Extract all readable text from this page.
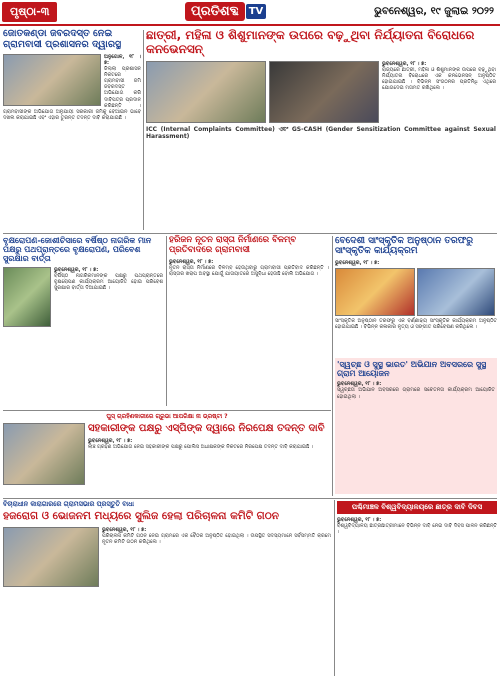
ପୃଷ୍ଠା-୩	ପ୍ରତିଶବ୍ଦ	TV	ଭୁବନେଶ୍ୱର, ୧୯ ଜୁଲାଇ ୨୦୨୨
ଜୋତକଣ୍ଡା ଜବରଦସ୍ତ ନେଇ ଗ୍ରାମବାସୀ ପ୍ରଶାସନର ଦ୍ୱାରସ୍ଥ
ଅନୁଗୋଳ, ୧୮ । ୭:
ଜିଲ୍ଲା ପ୍ରଶାସନ ନିକଟରେ ଗ୍ରାମବାସୀ ଜମି ଜବରଦସ୍ତ ଅଭିଯୋଗ କରି ଦାବିପତ୍ର ପ୍ରଦାନ କରିଛନ୍ତି । ଗ୍ରାମବାସୀଙ୍କ ଅଭିଯୋଗ ଅନୁଯାୟୀ ସରକାରୀ ଜମିକୁ ବେଆଇନ ଭାବେ ଦଖଲ କରାଯାଇଛି ଏବଂ ଏହାର ତୁରନ୍ତ ତଦନ୍ତ ଦାବି କରାଯାଇଛି ।
ଛାତ୍ରୀ, ମହିଳା ଓ ଶିଶୁମାନଙ୍କ ଉପରେ ବଢ଼ୁଥିବା ନିର୍ଯ୍ୟାତନା ବିରୋଧରେ କନଭେନସନ୍
ଭୁବନେଶ୍ୱର, ୧୮ । ୭:
ରାଜ୍ୟରେ ଛାତ୍ରୀ, ମହିଳା ଓ ଶିଶୁମାନଙ୍କ ଉପରେ ବଢ଼ୁଥିବା ନିର୍ଯ୍ୟାତନା ବିରୋଧରେ ଏକ କନଭେନସନ୍ ଅନୁଷ୍ଠିତ ହୋଇଯାଇଛି । ବିଭିନ୍ନ ସଂଗଠନର ପ୍ରତିନିଧି ଏଥିରେ ଯୋଗଦେଇ ମତାମତ ରଖିଥିଲେ ।
ICC (Internal Complaints Committee) ଏବଂ GS-CASH (Gender Sensitization Committee against Sexual Harassment)
ବୃକ୍ଷରୋପଣ-ଜୋଶୀଚିସାରେ ବର୍ଷିଷ୍ଠ ନାଗରିକ ମାନ ପକ୍ଷରୁ ପଥପ୍ରାନ୍ତରେ ବୃକ୍ଷରୋପଣ, ପରିବେଶ ସୁରକ୍ଷାର ବାର୍ତ୍ତା
ଭୁବନେଶ୍ୱର, ୧୮ । ୭:
ବର୍ଷିଷ୍ଠ ନାଗରିକମାନଙ୍କ ପକ୍ଷରୁ ପଥପ୍ରାନ୍ତରେ ବୃକ୍ଷରୋପଣ କାର୍ଯ୍ୟକ୍ରମ ଆୟୋଜିତ ହୋଇ ପରିବେଶ ସୁରକ୍ଷାର ବାର୍ତ୍ତା ଦିଆଯାଇଛି ।
ହରିଜନ ନୂତନ ରାସ୍ତା ନିର୍ମାଣରେ ବିଳମ୍ବ ପ୍ରତିବାଦରେ ଗ୍ରାମବାସୀ
ଭୁବନେଶ୍ୱର, ୧୮ । ୭:
ନୂତନ ରାସ୍ତା ନିର୍ମାଣରେ ବିଳମ୍ବ ହେଉଥିବାରୁ ଗ୍ରାମବାସୀ ପ୍ରତିବାଦ କରିଛନ୍ତି । ରାସ୍ତାର ଖରାପ ଅବସ୍ଥା ଯୋଗୁଁ ଯାତାୟାତରେ ଅସୁବିଧା ହେଉଛି ବୋଲି ଅଭିଯୋଗ ।
ବେଦେଶୀ ସାଂସ୍କୃତିକ ଅନୁଷ୍ଠାନ ତରଫରୁ ସାଂସ୍କୃତିକ କାର୍ଯ୍ୟକ୍ରମ
ଭୁବନେଶ୍ୱର, ୧୮ । ୭:
ସାଂସ୍କୃତିକ ଅନୁଷ୍ଠାନ ତରଫରୁ ଏକ ବର୍ଣ୍ଣାଢ୍ୟ ସାଂସ୍କୃତିକ କାର୍ଯ୍ୟକ୍ରମ ଅନୁଷ୍ଠିତ ହୋଇଯାଇଛି । ବିଭିନ୍ନ କଳାକାର ନୃତ୍ୟ ଓ ସଙ୍ଗୀତ ପରିବେଷଣ କରିଥିଲେ ।
'ସ୍ୱଚ୍ଛ ଓ ସୁସ୍ଥ ଭାରତ' ଅଭିଯାନ ଅବସରରେ ସୁସ୍ଥ ଗ୍ରାମ ଆୟୋଜନ
ଭୁବନେଶ୍ୱର, ୧୮ । ୭:
ସ୍ୱଚ୍ଛତା ଅଭିଯାନ ଅବସରରେ ଗ୍ରାମରେ ସଚେତନତା କାର୍ଯ୍ୟକ୍ରମ ଆୟୋଜିତ ହୋଇଥିଲା ।
ଘୁସ୍ ଗ୍ରହିଣକାରୀରେ ଗ୍ରୁଭା ଆପରିକ୍ଷା ନା ଭ୍ରଷ୍ଟା ?
ସହକାରୀଙ୍କ ପକ୍ଷରୁ ଏସ୍ପିଙ୍କ ଦ୍ୱାରେ ନିରପେକ୍ଷ ତଦନ୍ତ ଦାବି
ଭୁବନେଶ୍ୱର, ୧୮ । ୭:
ଲାଞ୍ଚ ଗ୍ରହଣ ଅଭିଯୋଗ ନେଇ ସହକାରୀଙ୍କ ପକ୍ଷରୁ ପୋଲିସ ଅଧୀକ୍ଷକଙ୍କ ନିକଟରେ ନିରପେକ୍ଷ ତଦନ୍ତ ଦାବି କରାଯାଇଛି ।
ବିଚାରାଧୀନ କାରାଗାରରେ ଗ୍ରାମସଭାର ପ୍ରସ୍ତୁତି ବାଧା
ହଜରୋଗ ଓ ଭୋଜନମ ମଧ୍ୟରେ ସୁଲିଜ ହେଲା ପରିଚାଳନା କମିଟି ଗଠନ
ଭୁବନେଶ୍ୱର, ୧୮ । ୭:
ପରିଚାଳନା କମିଟି ଗଠନ ନେଇ ଗ୍ରାମରେ ଏକ ବୈଠକ ଅନୁଷ୍ଠିତ ହୋଇଥିଲା । ଉପସ୍ଥିତ ସଦସ୍ୟମାନେ ସର୍ବସମ୍ମତି କ୍ରମେ ନୂତନ କମିଟି ଗଠନ କରିଥିଲେ ।
ପଶ୍ଚିମାଞ୍ଚଳ ବିଶ୍ୱବିଦ୍ୟାଳୟରେ ଛାତ୍ର ଦାବି ଦିବସ
ଭୁବନେଶ୍ୱର, ୧୮ । ୭:
ବିଶ୍ୱବିଦ୍ୟାଳୟ ଛାତ୍ରଛାତ୍ରୀମାନେ ବିଭିନ୍ନ ଦାବି ନେଇ ଦାବି ଦିବସ ପାଳନ କରିଛନ୍ତି ।
